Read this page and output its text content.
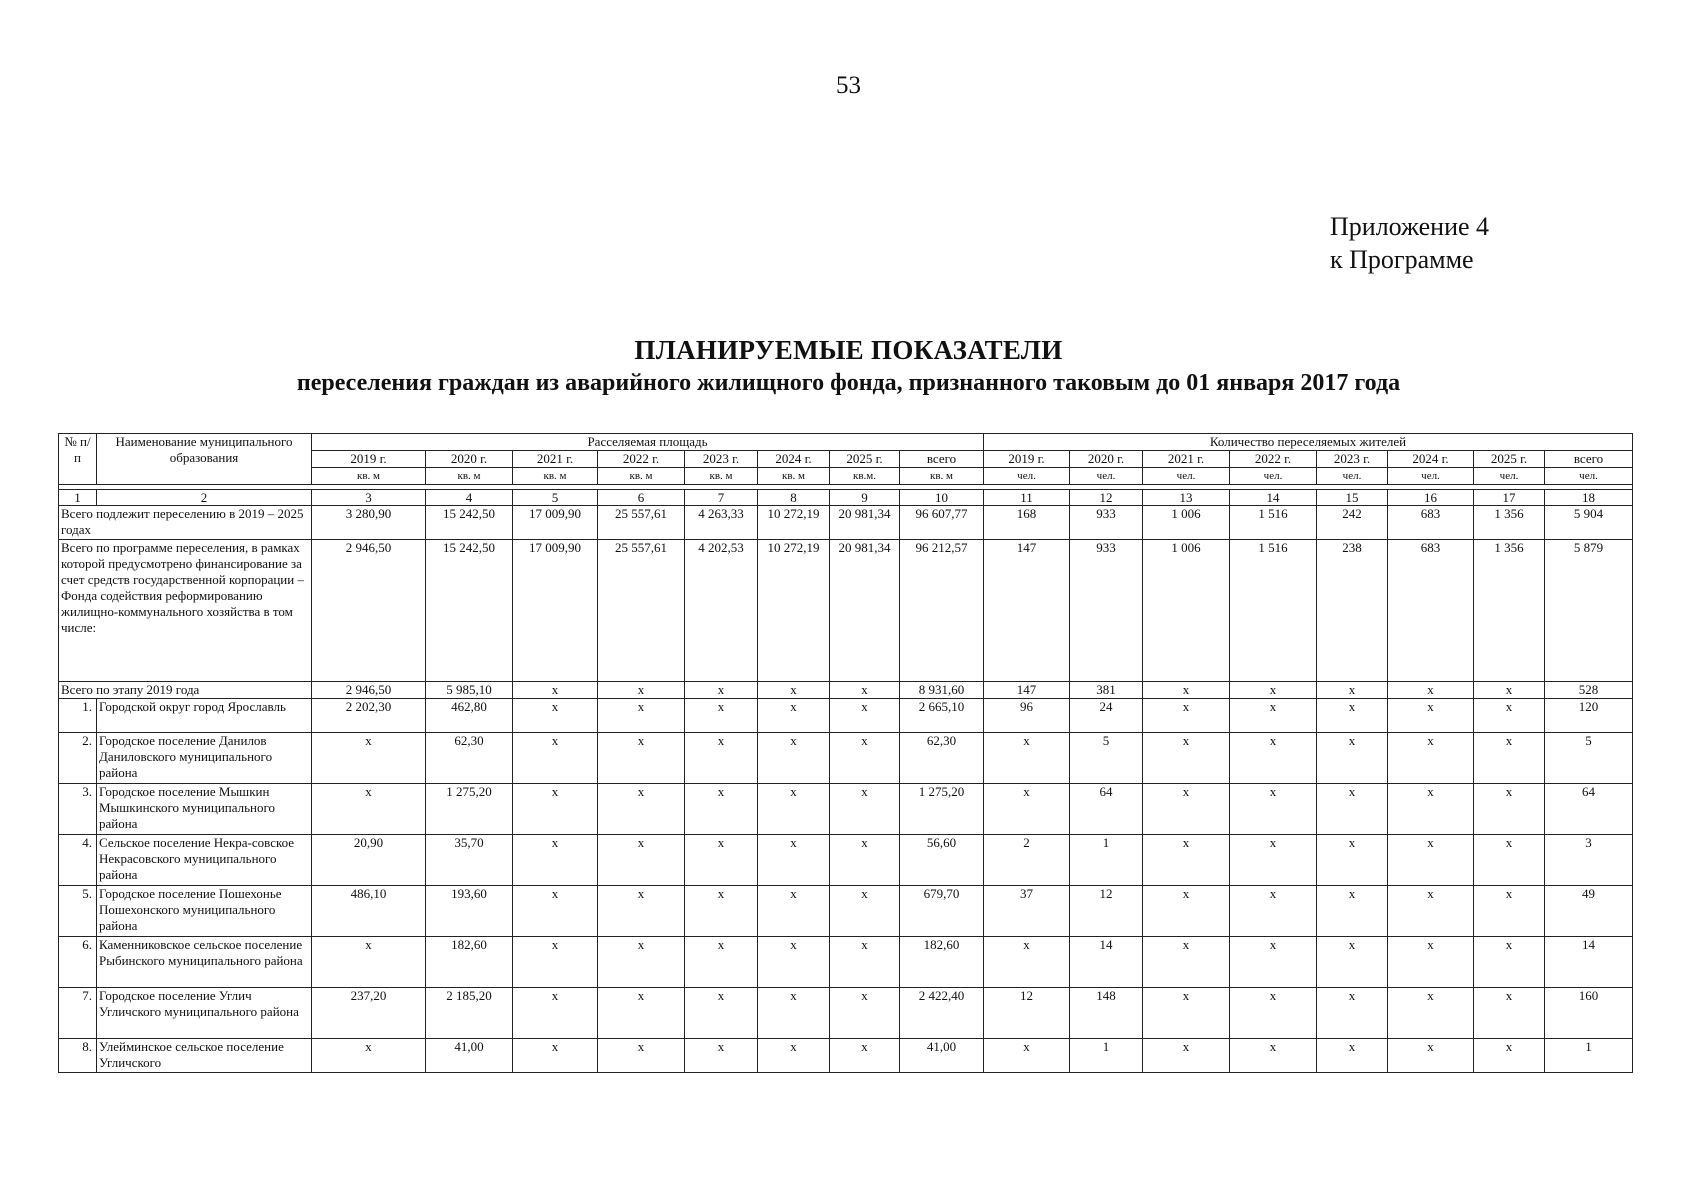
53
Приложение 4
к Программе
ПЛАНИРУЕМЫЕ ПОКАЗАТЕЛИ
переселения граждан из аварийного жилищного фонда, признанного таковым до 01 января 2017 года
№ п/п	Наименование муниципального образования	Расселяемая площадь								Количество переселяемых жителей							
		2019 г.	2020 г.	2021 г.	2022 г.	2023 г.	2024 г.	2025 г.	всего	2019 г.	2020 г.	2021 г.	2022 г.	2023 г.	2024 г.	2025 г.	всего
		кв. м	кв. м	кв. м	кв. м	кв. м	кв. м	кв.м.	кв. м	чел.	чел.	чел.	чел.	чел.	чел.	чел.	чел.

1	2	3	4	5	6	7	8	9	10	11	12	13	14	15	16	17	18
Всего подлежит переселению в 2019 – 2025 годах		3 280,90	15 242,50	17 009,90	25 557,61	4 263,33	10 272,19	20 981,34	96 607,77	168	933	1 006	1 516	242	683	1 356	5 904
Всего по программе переселения, в рамках которой предусмотрено финансирование за счет средств государственной корпорации – Фонда содействия реформированию жилищно-коммунального хозяйства в том числе:		2 946,50	15 242,50	17 009,90	25 557,61	4 202,53	10 272,19	20 981,34	96 212,57	147	933	1 006	1 516	238	683	1 356	5 879
Всего по этапу 2019 года		2 946,50	5 985,10	х	х	х	х	х	8 931,60	147	381	х	х	х	х	х	528
1.	Городской округ город Ярославль	2 202,30	462,80	х	х	х	х	х	2 665,10	96	24	х	х	х	х	х	120
2.	Городское поселение Данилов Даниловского муниципального района	х	62,30	х	х	х	х	х	62,30	х	5	х	х	х	х	х	5
3.	Городское поселение Мышкин Мышкинского муниципального района	х	1 275,20	х	х	х	х	х	1 275,20	х	64	х	х	х	х	х	64
4.	Сельское поселение Некра-совское Некрасовского муниципального района	20,90	35,70	х	х	х	х	х	56,60	2	1	х	х	х	х	х	3
5.	Городское поселение Пошехонье Пошехонского муниципального района	486,10	193,60	х	х	х	х	х	679,70	37	12	х	х	х	х	х	49
6.	Каменниковское сельское поселение Рыбинского муниципального района	х	182,60	х	х	х	х	х	182,60	х	14	х	х	х	х	х	14
7.	Городское поселение Углич Угличского муниципального района	237,20	2 185,20	х	х	х	х	х	2 422,40	12	148	х	х	х	х	х	160
8.	Улейминское сельское поселение Угличского	х	41,00	х	х	х	х	х	41,00	х	1	х	х	х	х	х	1
